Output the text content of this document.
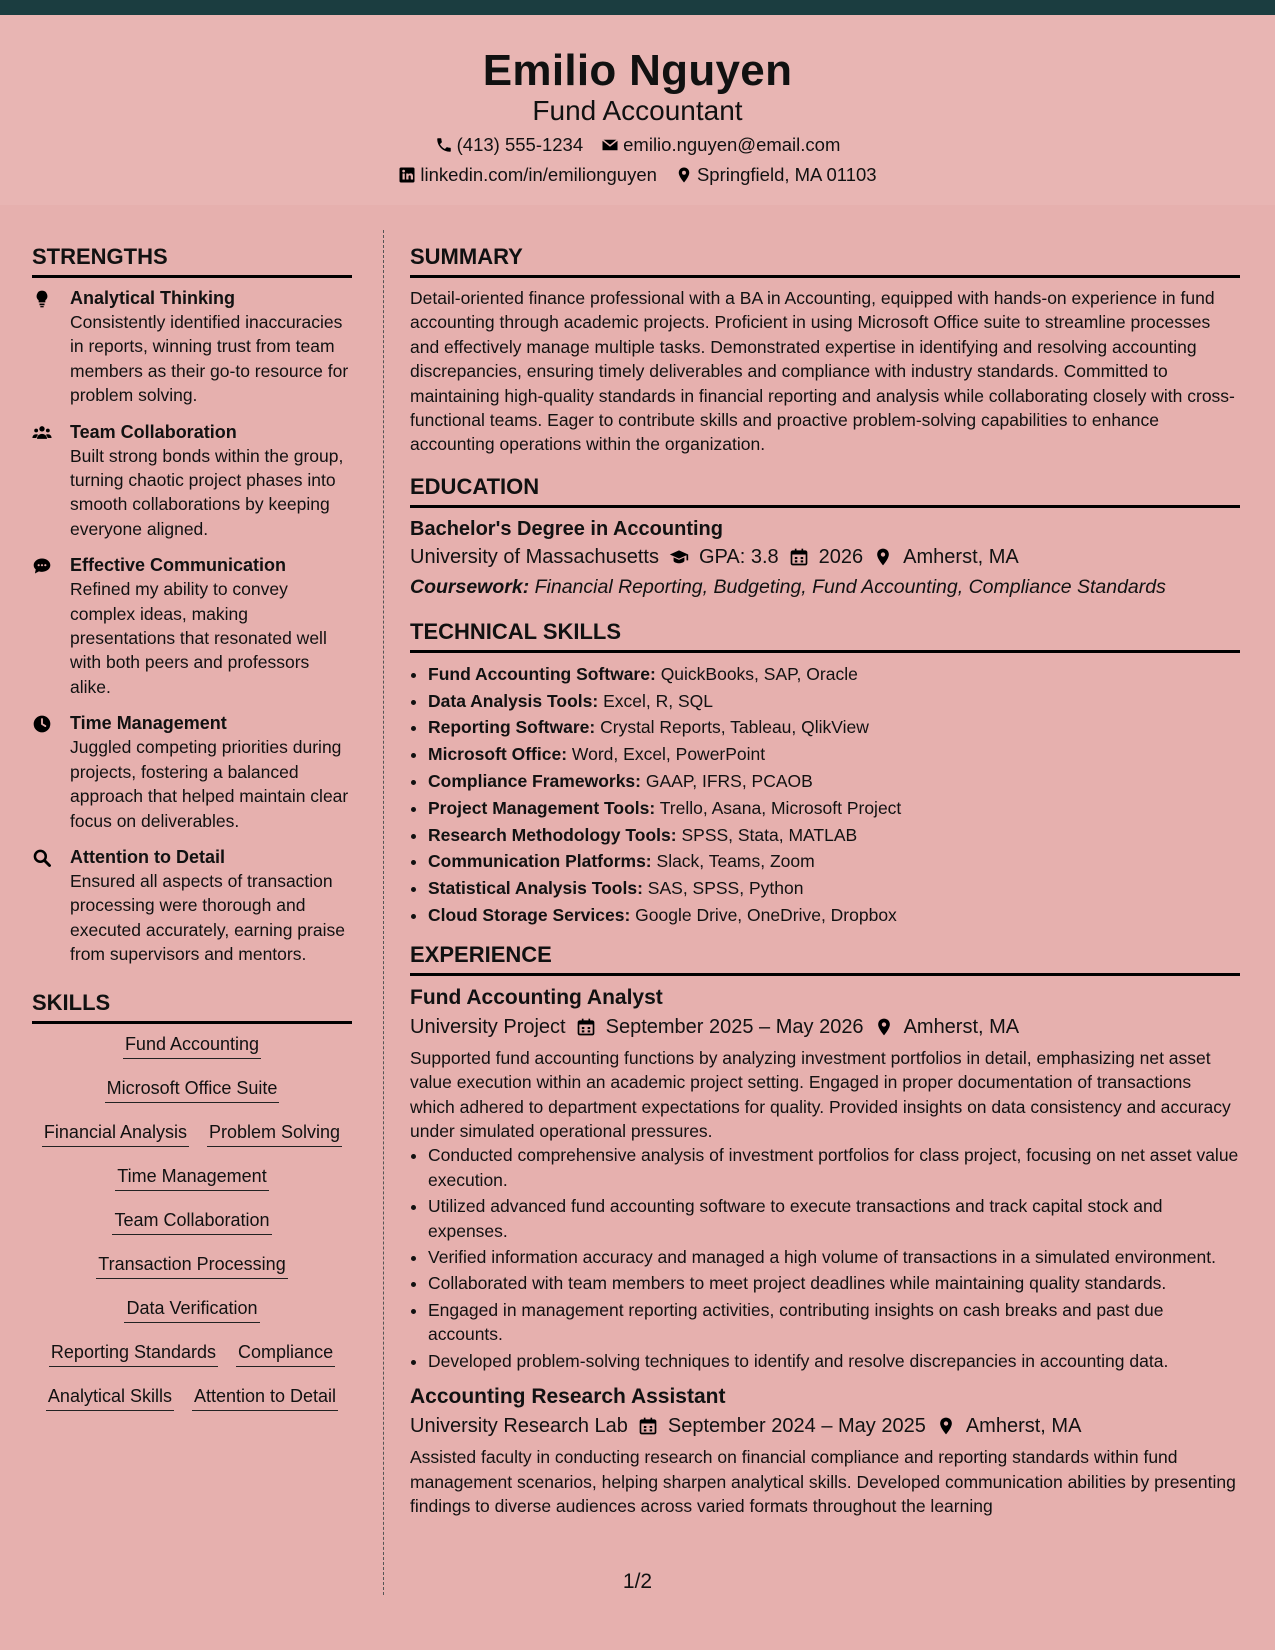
Emilio Nguyen
Fund Accountant
(413) 555-1234 emilio.nguyen@email.com
linkedin.com/in/emilionguyen Springfield, MA 01103
STRENGTHS
Analytical Thinking
Consistently identified inaccuracies in reports, winning trust from team members as their go-to resource for problem solving.
Team Collaboration
Built strong bonds within the group, turning chaotic project phases into smooth collaborations by keeping everyone aligned.
Effective Communication
Refined my ability to convey complex ideas, making presentations that resonated well with both peers and professors alike.
Time Management
Juggled competing priorities during projects, fostering a balanced approach that helped maintain clear focus on deliverables.
Attention to Detail
Ensured all aspects of transaction processing were thorough and executed accurately, earning praise from supervisors and mentors.
SKILLS
Fund Accounting
Microsoft Office Suite
Financial Analysis Problem Solving
Time Management
Team Collaboration
Transaction Processing
Data Verification
Reporting Standards Compliance
Analytical Skills Attention to Detail
SUMMARY
Detail-oriented finance professional with a BA in Accounting, equipped with hands-on experience in fund accounting through academic projects. Proficient in using Microsoft Office suite to streamline processes and effectively manage multiple tasks. Demonstrated expertise in identifying and resolving accounting discrepancies, ensuring timely deliverables and compliance with industry standards. Committed to maintaining high-quality standards in financial reporting and analysis while collaborating closely with cross-functional teams. Eager to contribute skills and proactive problem-solving capabilities to enhance accounting operations within the organization.
EDUCATION
Bachelor's Degree in Accounting
University of Massachusetts GPA: 3.8 2026 Amherst, MA
Coursework: Financial Reporting, Budgeting, Fund Accounting, Compliance Standards
TECHNICAL SKILLS
• Fund Accounting Software: QuickBooks, SAP, Oracle
• Data Analysis Tools: Excel, R, SQL
• Reporting Software: Crystal Reports, Tableau, QlikView
• Microsoft Office: Word, Excel, PowerPoint
• Compliance Frameworks: GAAP, IFRS, PCAOB
• Project Management Tools: Trello, Asana, Microsoft Project
• Research Methodology Tools: SPSS, Stata, MATLAB
• Communication Platforms: Slack, Teams, Zoom
• Statistical Analysis Tools: SAS, SPSS, Python
• Cloud Storage Services: Google Drive, OneDrive, Dropbox
EXPERIENCE
Fund Accounting Analyst
University Project September 2025 – May 2026 Amherst, MA
Supported fund accounting functions by analyzing investment portfolios in detail, emphasizing net asset value execution within an academic project setting. Engaged in proper documentation of transactions which adhered to department expectations for quality. Provided insights on data consistency and accuracy under simulated operational pressures.
• Conducted comprehensive analysis of investment portfolios for class project, focusing on net asset value execution.
• Utilized advanced fund accounting software to execute transactions and track capital stock and expenses.
• Verified information accuracy and managed a high volume of transactions in a simulated environment.
• Collaborated with team members to meet project deadlines while maintaining quality standards.
• Engaged in management reporting activities, contributing insights on cash breaks and past due accounts.
• Developed problem-solving techniques to identify and resolve discrepancies in accounting data.
Accounting Research Assistant
University Research Lab September 2024 – May 2025 Amherst, MA
Assisted faculty in conducting research on financial compliance and reporting standards within fund management scenarios, helping sharpen analytical skills. Developed communication abilities by presenting findings to diverse audiences across varied formats throughout the learning
1/2
